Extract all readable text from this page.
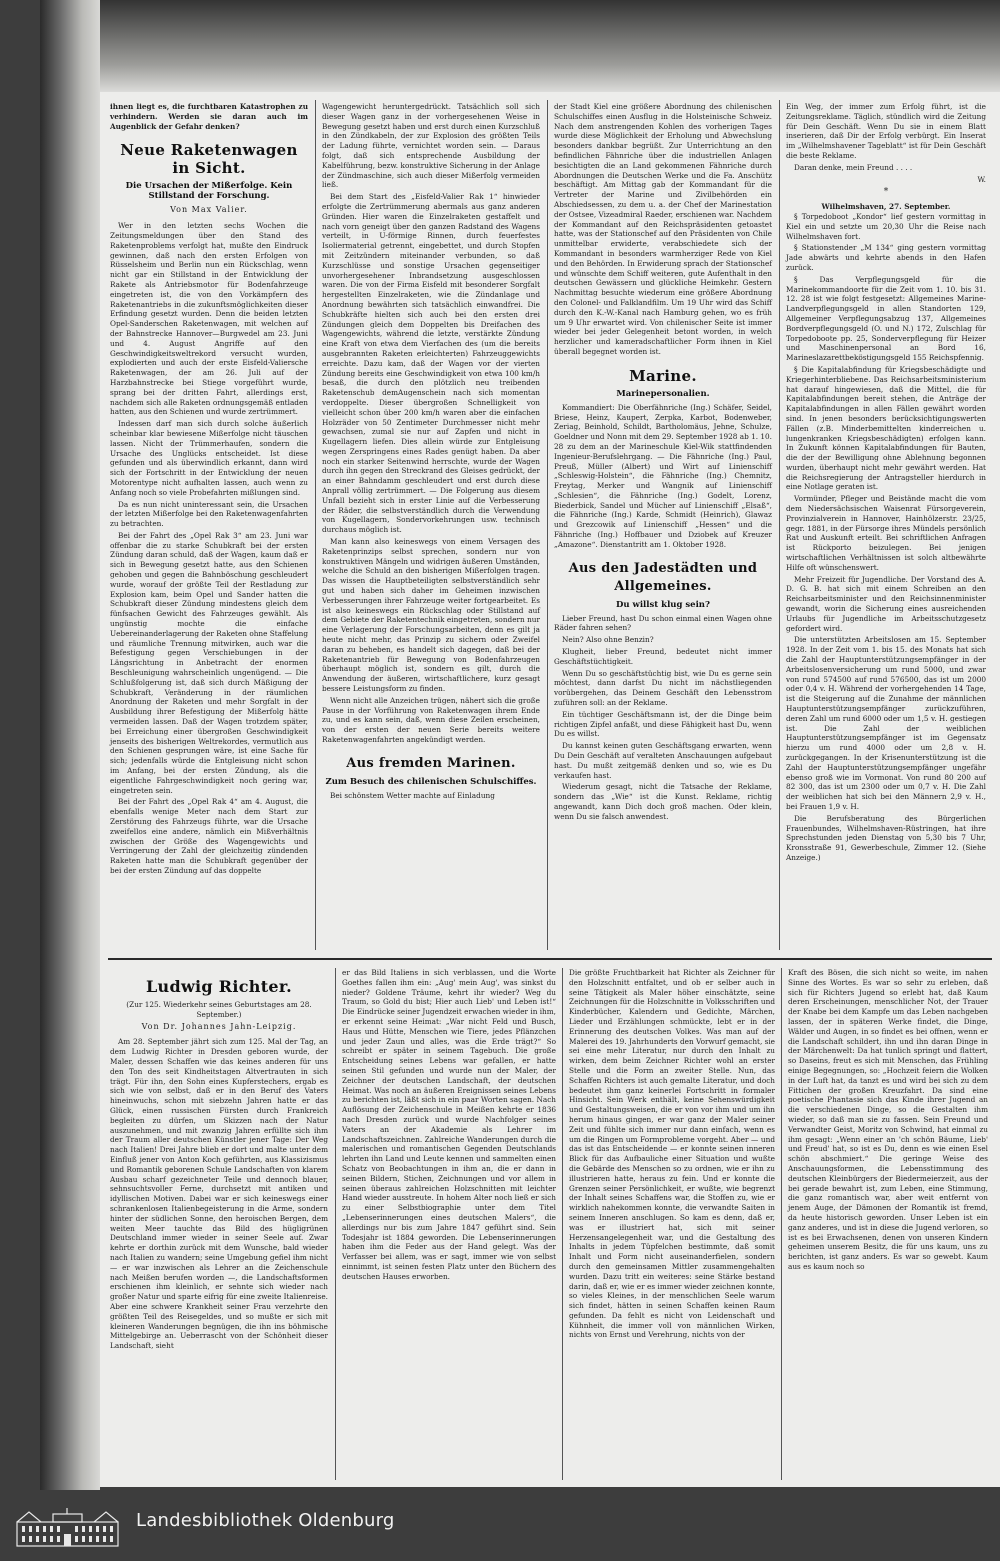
ihnen liegt es, die furchtbaren Katastrophen zu verhindern. Werden sie daran auch im Augenblick der Gefahr denken?

Neue Raketenwagen in Sicht.
Die Ursachen der Mißerfolge. Kein Stillstand der Forschung.
Von Max Valier.

Wer in den letzten sechs Wochen die Zeitungsmeldungen über den Stand des Raketenproblems verfolgt hat, mußte den Eindruck gewinnen, daß nach den ersten Erfolgen von Rüsselsheim und Berlin nun ein Rückschlag, wenn nicht gar ein Stillstand in der Entwicklung der Rakete als Antriebsmotor für Bodenfahrzeuge eingetreten ist, die von den Vorkämpfern des Raketenantriebs in die zukunftsmöglichkeiten dieser Erfindung gesetzt wurden. Denn die beiden letzten Opel-Sanderschen Raketenwagen, mit welchen auf der Bahnstrecke Hannover—Burgwedel am 23. Juni und 4. August Angriffe auf den Geschwindigkeitsweltrekord versucht wurden, explodierten und auch der erste Eisfeld-Valiersche Raketenwagen, der am 26. Juli auf der Harzbahnstrecke bei Stiege vorgeführt wurde, sprang bei der dritten Fahrt, allerdings erst, nachdem sich alle Raketen ordnungsgemäß entladen hatten, aus den Schienen und wurde zertrümmert.

Indessen darf man sich durch solche äußerlich scheinbar klar bewiesene Mißerfolge nicht täuschen lassen. Nicht der Trümmerhaufen, sondern die Ursache des Unglücks entscheidet. Ist diese gefunden und als überwindlich erkannt, dann wird sich der Fortschritt in der Entwicklung der neuen Motorentype nicht aufhalten lassen, auch wenn zu Anfang noch so viele Probefahrten mißlungen sind.

Da es nun nicht uninteressant sein, die Ursachen der letzten Mißerfolge bei den Raketenwagenfahrten zu betrachten.

Bei der Fahrt des „Opel Rak 3“ am 23. Juni war offenbar die zu starke Schubkraft bei der ersten Zündung daran schuld, daß der Wagen, kaum daß er sich in Bewegung gesetzt hatte, aus den Schienen gehoben und gegen die Bahnböschung geschleudert wurde, worauf der größte Teil der Restladung zur Explosion kam, beim Opel und Sander hatten die Schubkraft dieser Zündung mindestens gleich dem fünfsachen Gewicht des Fahrzeuges gewählt. Als ungünstig mochte die einfache Uebereinanderlagerung der Raketen ohne Staffelung und räumliche Trennung mitwirken, auch war die Befestigung gegen Verschiebungen in der Längsrichtung in Anbetracht der enormen Beschleunigung wahrscheinlich ungenügend. — Die Schlußfolgerung ist, daß sich durch Mäßigung der Schubkraft, Veränderung in der räumlichen Anordnung der Raketen und mehr Sorgfalt in der Ausbildung ihrer Befestigung der Mißerfolg hätte vermeiden lassen. Daß der Wagen trotzdem später, bei Erreichung einer übergroßen Geschwindigkeit jenseits des bisherigen Weltrekordes, vermutlich aus den Schienen gesprungen wäre, ist eine Sache für sich; jedenfalls würde die Entgleisung nicht schon im Anfang, bei der ersten Zündung, als die eigentliche Fahrgeschwindigkeit noch gering war, eingetreten sein.

Bei der Fahrt des „Opel Rak 4“ am 4. August, die ebenfalls wenige Meter nach dem Start zur Zerstörung des Fahrzeugs führte, war die Ursache zweifellos eine andere, nämlich ein Mißverhältnis zwischen der Größe des Wagengewichts und Verringerung der Zahl der gleichzeitig zündenden Raketen hatte man die Schubkraft gegenüber der bei der ersten Zündung auf das doppelte

Wagengewicht heruntergedrückt. Tatsächlich soll sich dieser Wagen ganz in der vorhergesehenen Weise in Bewegung gesetzt haben und erst durch einen Kurzschluß in den Zündkabeln, der zur Explosion des größten Teils der Ladung führte, vernichtet worden sein. — Daraus folgt, daß sich entsprechende Ausbildung der Kabelführung, bezw. konstruktive Sicherung in der Anlage der Zündmaschine, sich auch dieser Mißerfolg vermeiden ließ.

Bei dem Start des „Eisfeld-Valier Rak 1“ hinwieder erfolgte die Zertrümmerung abermals aus ganz anderen Gründen. Hier waren die Einzelraketen gestaffelt und nach vorn geneigt über den ganzen Radstand des Wagens verteilt, in U-förmige Rinnen, durch feuerfestes Isoliermaterial getrennt, eingebettet, und durch Stopfen mit Zeitzündern miteinander verbunden, so daß Kurzschlüsse und sonstige Ursachen gegenseitiger unvorhergesehener Inbrandsetzung ausgeschlossen waren. Die von der Firma Eisfeld mit besonderer Sorgfalt hergestellten Einzelraketen, wie die Zündanlage und Anordnung bewährten sich tatsächlich einwandfrei. Die Schubkräfte hielten sich auch bei den ersten drei Zündungen gleich dem Doppelten bis Dreifachen des Wagengewichts, während die letzte, verstärkte Zündung eine Kraft von etwa dem Vierfachen des (um die bereits ausgebrannten Raketen erleichterten) Fahrzeuggewichts erreichte. Dazu kam, daß der Wagen vor der vierten Zündung bereits eine Geschwindigkeit von etwa 100 km/h besaß, die durch den plötzlich neu treibenden Raketenschub demAugenschein nach sich momentan verdoppelte. Dieser übergroßen Schnelligkeit von vielleicht schon über 200 km/h waren aber die einfachen Holzräder von 50 Zentimeter Durchmesser nicht mehr gewachsen, zumal sie nur auf Zapfen und nicht in Kugellagern liefen. Dies allein würde zur Entgleisung wegen Zerspringens eines Rades genügt haben. Da aber noch ein starker Seitenwind herrschte, wurde der Wagen durch ihn gegen den Streckrand des Gleises gedrückt, der an einer Bahndamm geschleudert und erst durch diese Anprall völlig zertrümmert. — Die Folgerung aus diesem Unfall bezieht sich in erster Linie auf die Verbesserung der Räder, die selbstverständlich durch die Verwendung von Kugellagern, Sondervorkehrungen usw. technisch durchaus möglich ist.

Man kann also keineswegs von einem Versagen des Raketenprinzips selbst sprechen, sondern nur von konstruktiven Mängeln und widrigen äußeren Umständen, welche die Schuld an den bisherigen Mißerfolgen tragen. Das wissen die Hauptbeteiligten selbstverständlich sehr gut und haben sich daher im Geheimen inzwischen Verbesserungen ihrer Fahrzeuge weiter fortgearbeitet. Es ist also keineswegs ein Rückschlag oder Stillstand auf dem Gebiete der Raketentechnik eingetreten, sondern nur eine Verlagerung der Forschungsarbeiten, denn es gilt ja heute nicht mehr, das Prinzip zu sichern oder Zweifel daran zu beheben, es handelt sich dagegen, daß bei der Raketenantrieb für Bewegung von Bodenfahrzeugen überhaupt möglich ist, sondern es gilt, durch die Anwendung der äußeren, wirtschaftlichere, kurz gesagt bessere Leistungsform zu finden.

Wenn nicht alle Anzeichen trügen, nähert sich die große Pause in der Vorführung von Raketenwagen ihrem Ende zu, und es kann sein, daß, wenn diese Zeilen erscheinen, von der ersten der neuen Serie bereits weitere Raketenwagenfahrten angekündigt werden.

Aus fremden Marinen.
Zum Besuch des chilenischen Schulschiffes.

Bei schönstem Wetter machte auf Einladung

der Stadt Kiel eine größere Abordnung des chilenischen Schulschiffes einen Ausflug in die Holsteinische Schweiz. Nach dem anstrengenden Kohlen des vorherigen Tages wurde diese Möglichkeit der Erholung und Abwechslung besonders dankbar begrüßt. Zur Unterrichtung an den befindlichen Fähnriche über die industriellen Anlagen besichtigten die an Land gekommenen Fähnriche durch Abordnungen die Deutschen Werke und die Fa. Anschütz beschäftigt. Am Mittag gab der Kommandant für die Vertreter der Marine und Zivilbehörden ein Abschiedsessen, zu dem u. a. der Chef der Marinestation der Ostsee, Vizeadmiral Raeder, erschienen war. Nachdem der Kommandant auf den Reichspräsidenten getoastet hatte, was der Stationschef auf den Präsidenten von Chile unmittelbar erwiderte, verabschiedete sich der Kommandant in besonders warmherziger Rede von Kiel und den Behörden. In Erwiderung sprach der Stationschef und wünschte dem Schiff weiteren, gute Aufenthalt in den deutschen Gewässern und glückliche Heimkehr. Gestern Nachmittag besuchte wiederum eine größere Abordnung den Colonel- und Falklandfilm. Um 19 Uhr wird das Schiff durch den K.-W.-Kanal nach Hamburg gehen, wo es früh um 9 Uhr erwartet wird. Von chilenischer Seite ist immer wieder bei jeder Gelegenheit betont worden, in welch herzlicher und kameradschaftlicher Form ihnen in Kiel überall begegnet worden ist.

Marine.
Marinepersonalien.

Kommandiert: Die Oberfähnriche (Ing.) Schäfer, Seidel, Briese, Heinz, Kaupert, Zerpka, Karbot, Bodenweber, Zeriag, Beinhold, Schildt, Bartholomäus, Jehne, Schulze, Goeldner und Nonn mit dem 29. September 1928 ab 1. 10. 28 zu dem an der Marineschule Kiel-Wik stattfindenden Ingenieur-Berufslehrgang. — Die Fähnriche (Ing.) Paul, Preuß, Müller (Albert) und Wirt auf Linienschiff „Schleswig-Holstein“, die Fähnriche (Ing.) Chemnitz, Freytag, Merker und Wangnik auf Linienschiff „Schlesien“, die Fähnriche (Ing.) Godelt, Lorenz, Biederbick, Sandel und Mücher auf Linienschiff „Elsaß“, die Fähnriche (Ing.) Karde, Schmidt (Heinrich), Glawaz und Grezcowik auf Linienschiff „Hessen“ und die Fähnriche (Ing.) Hoffbauer und Dziobek auf Kreuzer „Amazone“. Dienstantritt am 1. Oktober 1928.

Aus den Jadestädten und Allgemeines.
Du willst klug sein?

Lieber Freund, hast Du schon einmal einen Wagen ohne Räder fahren sehen?

Nein? Also ohne Benzin?

Klugheit, lieber Freund, bedeutet nicht immer Geschäftstüchtigkeit.

Wenn Du so geschäftstüchtig bist, wie Du es gerne sein möchtest, dann darfst Du nicht im nächstliegenden vorübergehen, das Deinem Geschäft den Lebensstrom zuführen soll: an der Reklame.

Ein tüchtiger Geschäftsmann ist, der die Dinge beim richtigen Zipfel anfaßt, und diese Fähigkeit hast Du, wenn Du es willst.

Du kannst keinen guten Geschäftsgang erwarten, wenn Du Dein Geschäft auf veralteten Anschauungen aufgebaut hast. Du mußt zeitgemäß denken und so, wie es Du verkaufen hast.

Wiederum gesagt, nicht die Tatsache der Reklame, sondern das „Wie“ ist die Kunst. Reklame, richtig angewandt, kann Dich doch groß machen. Oder klein, wenn Du sie falsch anwendest.

Ein Weg, der immer zum Erfolg führt, ist die Zeitungsreklame. Täglich, stündlich wird die Zeitung für Dein Geschäft. Wenn Du sie in einem Blatt inserieren, daß Dir der Erfolg verbürgt. Ein Inserat im „Wilhelmshavener Tageblatt“ ist für Dein Geschäft die beste Reklame.

Daran denke, mein Freund . . . .

W.
*
Wilhelmshaven, 27. September.

§ Torpedoboot „Kondor“ lief gestern vormittag in Kiel ein und setzte um 20,30 Uhr die Reise nach Wilhelmshaven fort.

§ Stationstender „M 134“ ging gestern vormittag Jade abwärts und kehrte abends in den Hafen zurück.

§ Das Verpflegungsgeld für die Marinekommandoorte für die Zeit vom 1. 10. bis 31. 12. 28 ist wie folgt festgesetzt: Allgemeines Marine-Landverpflegungsgeld in allen Standorten 129, Allgemeiner Verpflegungsabzug 137, Allgemeines Bordverpflegungsgeld (O. und N.) 172, Zulschlag für Torpedoboote pp. 25, Sonderverpflegung für Heizer und Maschinenpersonal an Bord 16, Marineslazarettbeköstigungsgeld 155 Reichspfennig.

§ Die Kapitalabfindung für Kriegsbeschädigte und Kriegerhinterbliebene. Das Reichsarbeitsministerium hat darauf hingewiesen, daß die Mittel, die für Kapitalabfindungen bereit stehen, die Anträge der Kapitalabfindungen in allen Fällen gewährt worden sind. In jenen besonders berücksichtigungswerten Fällen (z.B. Minderbemittelten kinderreichen u. lungenkranken Kriegsbeschädigten) erfolgen kann. In Zukunft können Kapitalabfindungen für Bauten, die der der Bewilligung ohne Ablehnung begonnen wurden, überhaupt nicht mehr gewährt werden. Hat die Reichsregierung der Antragsteller hierdurch in eine Notlage geraten ist.

Vormünder, Pfleger und Beistände macht die vom dem Niedersächsischen Waisenrat Fürsorgeverein, Provinzialverein in Hannover, Hainhölzerstr. 23/25, gegr. 1881, in der Fürsorge ihres Mündels persönlich Rat und Auskunft erteilt. Bei schriftlichen Anfragen ist Rückporto beizulegen. Bei jenigen wirtschaftlichen Verhältnissen ist solch altbewährte Hilfe oft wünschenswert.

Mehr Freizeit für Jugendliche. Der Vorstand des A. D. G. B. hat sich mit einem Schreiben an den Reichsarbeitsminister und den Reichsinnenminister gewandt, worin die Sicherung eines ausreichenden Urlaubs für Jugendliche im Arbeitsschutzgesetz gefordert wird.

Die unterstützten Arbeitslosen am 15. September 1928. In der Zeit vom 1. bis 15. des Monats hat sich die Zahl der Hauptunterstützungsempfänger in der Arbeitslosenversicherung um rund 5000, und zwar von rund 574500 auf rund 576500, das ist um 2000 oder 0,4 v. H. Während der vorhergehenden 14 Tage, ist die Steigerung auf die Zunahme der männlichen Hauptunterstützungsempfänger zurückzuführen, deren Zahl um rund 6000 oder um 1,5 v. H. gestiegen ist. Die Zahl der weiblichen Hauptunterstützungsempfänger ist im Gegensatz hierzu um rund 4000 oder um 2,8 v. H. zurückgegangen. In der Krisenunterstützung ist die Zahl der Hauptunterstützungsempfänger ungefähr ebenso groß wie im Vormonat. Von rund 80 200 auf 82 300, das ist um 2300 oder um 0,7 v. H. Die Zahl der weiblichen hat sich bei den Männern 2,9 v. H., bei Frauen 1,9 v. H.

Die Berufsberatung des Bürgerlichen Frauenbundes, Wilhelmshaven-Rüstringen, hat ihre Sprechstunden jeden Dienstag von 5,30 bis 7 Uhr, Kronsstraße 91, Gewerbeschule, Zimmer 12. (Siehe Anzeige.)

Ludwig Richter.
(Zur 125. Wiederkehr seines Geburtstages am 28. September.)
Von Dr. Johannes Jahn-Leipzig.

Am 28. September jährt sich zum 125. Mal der Tag, an dem Ludwig Richter in Dresden geboren wurde, der Maler, dessen Schaffen wie das keines anderen für uns den Ton des seit Kindheitstagen Altvertrauten in sich trägt. Für ihn, den Sohn eines Kupferstechers, ergab es sich wie von selbst, daß er in den Beruf des Vaters hineinwuchs, schon mit siebzehn Jahren hatte er das Glück, einen russischen Fürsten durch Frankreich begleiten zu dürfen, um Skizzen nach der Natur auszunehmen, und mit zwanzig Jahren erfüllte sich ihm der Traum aller deutschen Künstler jener Tage: Der Weg nach Italien! Drei Jahre blieb er dort und malte unter dem Einfluß jener von Anton Koch geführten, aus Klassizismus und Romantik geborenen Schule Landschaften von klarem Ausbau scharf gezeichneter Teile und dennoch blauer, sehnsuchtsvoller Ferne, durchsetzt mit antiken und idyllischen Motiven. Dabei war er sich keineswegs einer schrankenlosen Italienbegeisterung in die Arme, sondern hinter der südlichen Sonne, den heroischen Bergen, dem weiten Meer tauchte das Bild des hügligrünen Deutschland immer wieder in seiner Seele auf. Zwar kehrte er dorthin zurück mit dem Wunsche, bald wieder nach Italien zu wandern; seine Umgebung gefiel ihm nicht — er war inzwischen als Lehrer an die Zeichenschule nach Meißen berufen worden —, die Landschaftsformen erschienen ihm kleinlich, er sehnte sich wieder nach großer Natur und sparte eifrig für eine zweite Italienreise. Aber eine schwere Krankheit seiner Frau verzehrte den größten Teil des Reisegeldes, und so mußte er sich mit kleineren Wanderungen begnügen, die ihn ins böhmische Mittelgebirge an. Ueberrascht von der Schönheit dieser Landschaft, sieht

er das Bild Italiens in sich verblassen, und die Worte Goethes fallen ihm ein: „Aug' mein Aug', was sinkst du nieder? Goldene Träume, kehrt ihr wieder? Weg du Traum, so Gold du bist; Hier auch Lieb' und Leben ist!“ Die Eindrücke seiner Jugendzeit erwachen wieder in ihm, er erkennt seine Heimat: „War nicht Feld und Busch, Haus und Hütte, Menschen wie Tiere, jedes Pflänzchen und jeder Zaun und alles, was die Erde trägt?“ So schreibt er später in seinem Tagebuch. Die große Entscheidung seines Lebens war gefallen, er hatte seinen Stil gefunden und wurde nun der Maler, der Zeichner der deutschen Landschaft, der deutschen Heimat. Was noch an äußeren Ereignissen seines Lebens zu berichten ist, läßt sich in ein paar Worten sagen. Nach Auflösung der Zeichenschule in Meißen kehrte er 1836 nach Dresden zurück und wurde Nachfolger seines Vaters an der Akademie als Lehrer im Landschaftszeichnen. Zahlreiche Wanderungen durch die malerischen und romantischen Gegenden Deutschlands lehrten ihn Land und Leute kennen und sammelten einen Schatz von Beobachtungen in ihm an, die er dann in seinen Bildern, Stichen, Zeichnungen und vor allem in seinen überaus zahlreichen Holzschnitten mit leichter Hand wieder ausstreute. In hohem Alter noch ließ er sich zu einer Selbstbiographie unter dem Titel „Lebenserinnerungen eines deutschen Malers“, die allerdings nur bis zum Jahre 1847 geführt sind. Sein Todesjahr ist 1884 geworden. Die Lebenserinnerungen haben ihm die Feder aus der Hand gelegt. Was der Verfasser bei allem, was er sagt, immer wie von selbst einnimmt, ist seinen festen Platz unter den Büchern des deutschen Hauses erworben.

Die größte Fruchtbarkeit hat Richter als Zeichner für den Holzschnitt entfaltet, und ob er selber auch in seine Tätigkeit als Maler höher einschätzte, seine Zeichnungen für die Holzschnitte in Volksschriften und Kinderbücher, Kalendern und Gedichte, Märchen, Lieder und Erzählungen schmückte, lebt er in der Erinnerung des deutschen Volkes. Was man auf der Malerei des 19. Jahrhunderts den Vorwurf gemacht, sie sei eine mehr Literatur, nur durch den Inhalt zu wirken, dem beim Zeichner Richter wohl an erster Stelle und die Form an zweiter Stelle. Nun, das Schaffen Richters ist auch gemalte Literatur, und doch bedeutet ihm ganz keinerlei Fortschritt in formaler Hinsicht. Sein Werk enthält, keine Sehenswürdigkeit und Gestaltungsweisen, die er von vor ihm und um ihn herum hinaus gingen, er war ganz der Maler seiner Zeit und fühlte sich immer nur dann einfach, wenn es um die Ringen um Formprobleme vorgeht. Aber — und das ist das Entscheidende — er konnte seinen inneren Blick für das Aufbauliche einer Situation und wußte die Gebärde des Menschen so zu ordnen, wie er ihn zu illustrieren hatte, heraus zu fein. Und er konnte die Grenzen seiner Persönlichkeit, er wußte, wie begrenzt der Inhalt seines Schaffens war, die Stoffen zu, wie er wirklich nahekommen konnte, die verwandte Saiten in seinem Inneren anschlugen. So kam es denn, daß er, was er illustriert hat, sich mit seiner Herzensangelegenheit war, und die Gestaltung des Inhalts in jedem Tüpfelchen bestimmte, daß somit Inhalt und Form nicht auseinanderfielen, sondern durch den gemeinsamen Mittler zusammengehalten wurden. Dazu tritt ein weiteres: seine Stärke bestand darin, daß er, wie er es immer wieder zeichnen konnte, so vieles Kleines, in der menschlichen Seele warum sich findet, hätten in seinen Schaffen keinen Raum gefunden. Da fehlt es nicht von Leidenschaft und Kühnheit, die immer voll von männlichen Wirken, nichts von Ernst und Verehrung, nichts von der

Kraft des Bösen, die sich nicht so weite, im nahen Sinne des Wortes. Es war so sehr zu erleben, daß sich für Richters Jugend so erlebt hat, daß Kaum deren Erscheinungen, menschlicher Not, der Trauer der Knabe bei dem Kampfe um das Leben nachgeben lassen, der in späteren Werke findet, die Dinge, Wälder und Augen, in so findet es bei offnen, wenn er die Landschaft schildert, ihn und ihn daran Dinge in der Märchenwelt: Da hat tunlich springt und flattert, so Daseins, freut es sich mit Menschen, das Frühling einige Begegnungen, so: „Hochzeit feiern die Wolken in der Luft hat, da tanzt es und wird bei sich zu dem Fittichen der großen Kreuzfahrt. Da sind eine poetische Phantasie sich das Kinde ihrer Jugend an die verschiedenen Dinge, so die Gestalten ihm wieder, so daß man sie zu fassen. Sein Freund und Verwandter Geist, Moritz von Schwind, hat einmal zu ihm gesagt: „Wenn einer an 'ch schön Bäume, Lieb' und Freud' hat, so ist es Du, denn es wie einen Esel schön abschmiert.“ Die geringe Weise des Anschauungsformen, die Lebensstimmung des deutschen Kleinbürgers der Biedermeierzeit, aus der bei gerade bewahrt ist, zum Leben, eine Stimmung, die ganz romantisch war, aber weit entfernt von jenem Auge, der Dämonen der Romantik ist fremd, da heute historisch geworden. Unser Leben ist ein ganz anderes, und ist in diese die Jugend verloren, so ist es bei Erwachsenen, denen von unseren Kindern geheimen unserem Besitz, die für uns kaum, uns zu berichten, ist ganz anders. Es war so gewebt. Kaum aus es kaum noch so

Landesbibliothek Oldenburg
